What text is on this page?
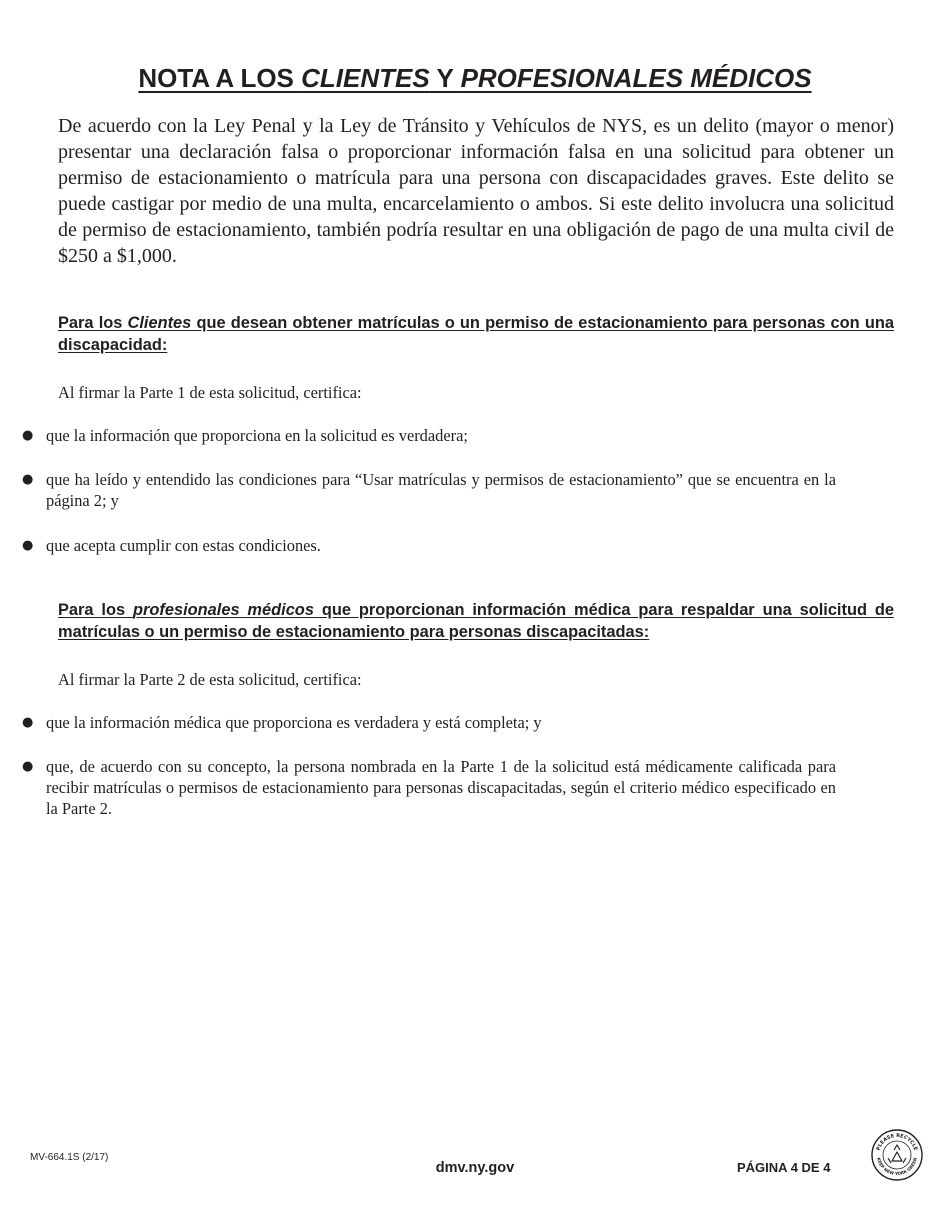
NOTA A LOS CLIENTES Y PROFESIONALES MÉDICOS

De acuerdo con la Ley Penal y la Ley de Tránsito y Vehículos de NYS, es un delito (mayor o menor) presentar una declaración falsa o proporcionar información falsa en una solicitud para obtener un permiso de estacionamiento o matrícula para una persona con discapacidades graves. Este delito se puede castigar por medio de una multa, encarcelamiento o ambos. Si este delito involucra una solicitud de permiso de estacionamiento, también podría resultar en una obligación de pago de una multa civil de $250 a $1,000.

Para los Clientes que desean obtener matrículas o un permiso de estacionamiento para personas con una discapacidad:

Al firmar la Parte 1 de esta solicitud, certifica:

● que la información que proporciona en la solicitud es verdadera;
● que ha leído y entendido las condiciones para “Usar matrículas y permisos de estacionamiento” que se encuentra en la página 2; y
● que acepta cumplir con estas condiciones.

Para los profesionales médicos que proporcionan información médica para respaldar una solicitud de matrículas o un permiso de estacionamiento para personas discapacitadas:

Al firmar la Parte 2 de esta solicitud, certifica:

● que la información médica que proporciona es verdadera y está completa; y
● que, de acuerdo con su concepto, la persona nombrada en la Parte 1 de la solicitud está médicamente calificada para recibir matrículas o permisos de estacionamiento para personas discapacitadas, según el criterio médico especificado en la Parte 2.

MV-664.1S (2/17)

dmv.ny.gov	PÁGINA 4 DE 4

PLEASE RECYCLE
KEEP NEW YORK GREEN
